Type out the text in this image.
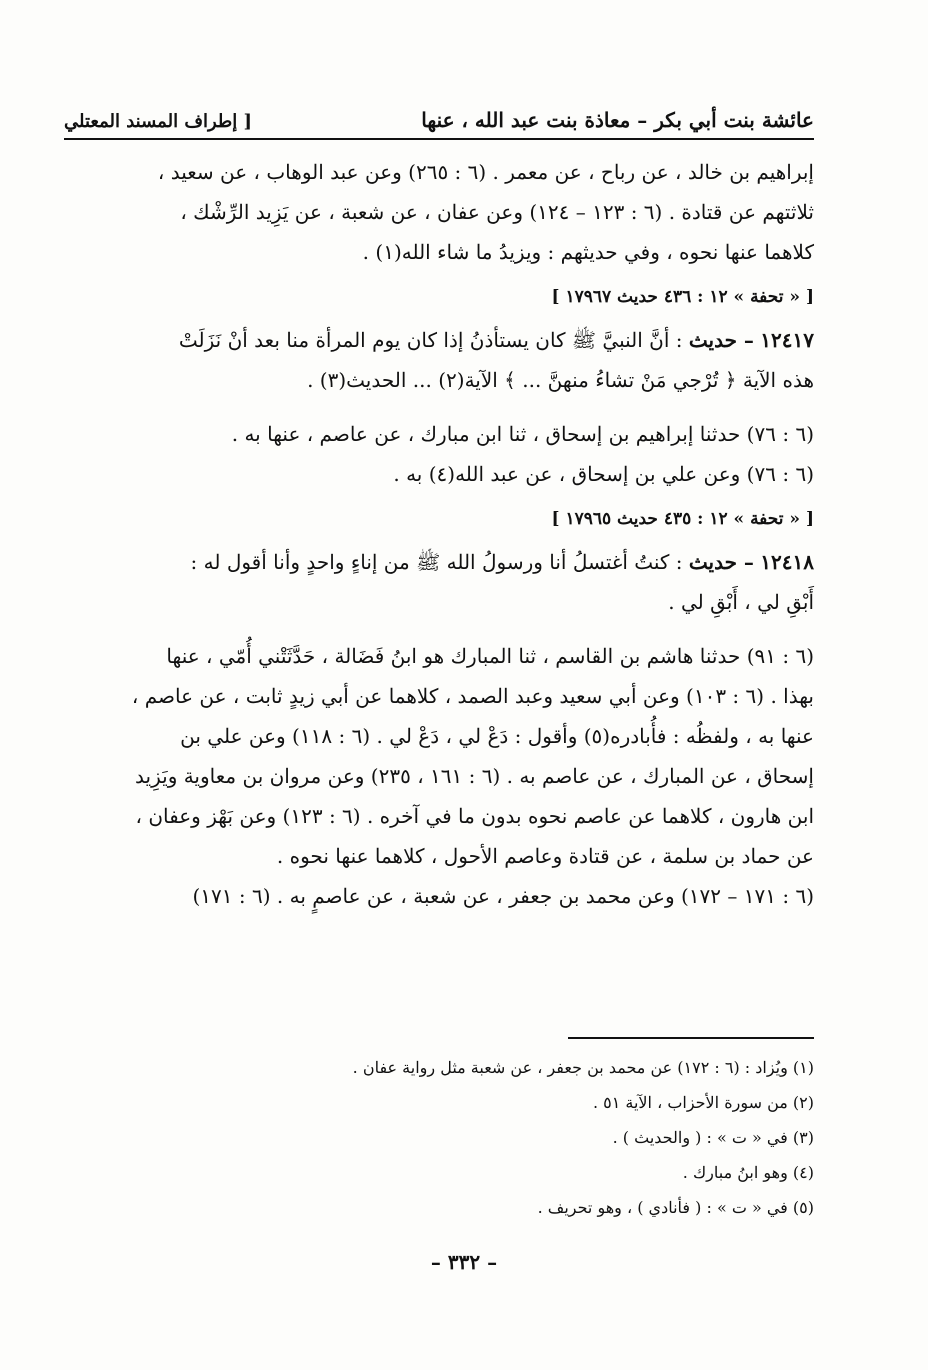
عائشة بنت أبي بكر – معاذة بنت عبد الله ، عنها
[ إطراف المسند المعتلي
إبراهيم بن خالد ، عن رباح ، عن معمر . (٦ : ٢٦٥) وعن عبد الوهاب ، عن سعيد ،
ثلاثتهم عن قتادة . (٦ : ١٢٣ – ١٢٤) وعن عفان ، عن شعبة ، عن يَزِيد الرِّشْك ،
كلاهما عنها نحوه ، وفي حديثهم : ويزيدُ ما شاء الله(١) .
[ « تحفة » ١٢ : ٤٣٦ حديث ١٧٩٦٧ ]
١٢٤١٧ – حديث : أنَّ النبيَّ ﷺ كان يستأذنُ إذا كان يوم المرأة منا بعد أنْ نَزَلَتْ
هذه الآية ﴿ تُرْجي مَنْ تشاءُ منهنَّ ... ﴾ الآية(٢) ... الحديث(٣) .
(٦ : ٧٦) حدثنا إبراهيم بن إسحاق ، ثنا ابن مبارك ، عن عاصم ، عنها به .
(٦ : ٧٦) وعن علي بن إسحاق ، عن عبد الله(٤) به .
[ « تحفة » ١٢ : ٤٣٥ حديث ١٧٩٦٥ ]
١٢٤١٨ – حديث : كنتُ أغتسلُ أنا ورسولُ الله ﷺ من إناءٍ واحدٍ وأنا أقول له :
أَبْقِ لي ، أَبْقِ لي .
(٦ : ٩١) حدثنا هاشم بن القاسم ، ثنا المبارك هو ابنُ فَضَالة ، حَدَّثَتْني أُمّي ، عنها
بهذا . (٦ : ١٠٣) وعن أبي سعيد وعبد الصمد ، كلاهما عن أبي زيدٍ ثابت ، عن عاصم ،
عنها به ، ولفظُه : فأُبادره(٥) وأقول : دَعْ لي ، دَعْ لي . (٦ : ١١٨) وعن علي بن
إسحاق ، عن المبارك ، عن عاصم به . (٦ : ١٦١ ، ٢٣٥) وعن مروان بن معاوية ويَزِيد
ابن هارون ، كلاهما عن عاصم نحوه بدون ما في آخره . (٦ : ١٢٣) وعن بَهْز وعفان ،
عن حماد بن سلمة ، عن قتادة وعاصم الأحول ، كلاهما عنها نحوه .
(٦ : ١٧١ – ١٧٢) وعن محمد بن جعفر ، عن شعبة ، عن عاصمٍ به . (٦ : ١٧١)
(١) ويُزاد : (٦ : ١٧٢) عن محمد بن جعفر ، عن شعبة مثل رواية عفان .
(٢) من سورة الأحزاب ، الآية ٥١ .
(٣) في « ت » : ( والحديث ) .
(٤) وهو ابنُ مبارك .
(٥) في « ت » : ( فأنادي ) ، وهو تحريف .
– ٣٣٢ –
